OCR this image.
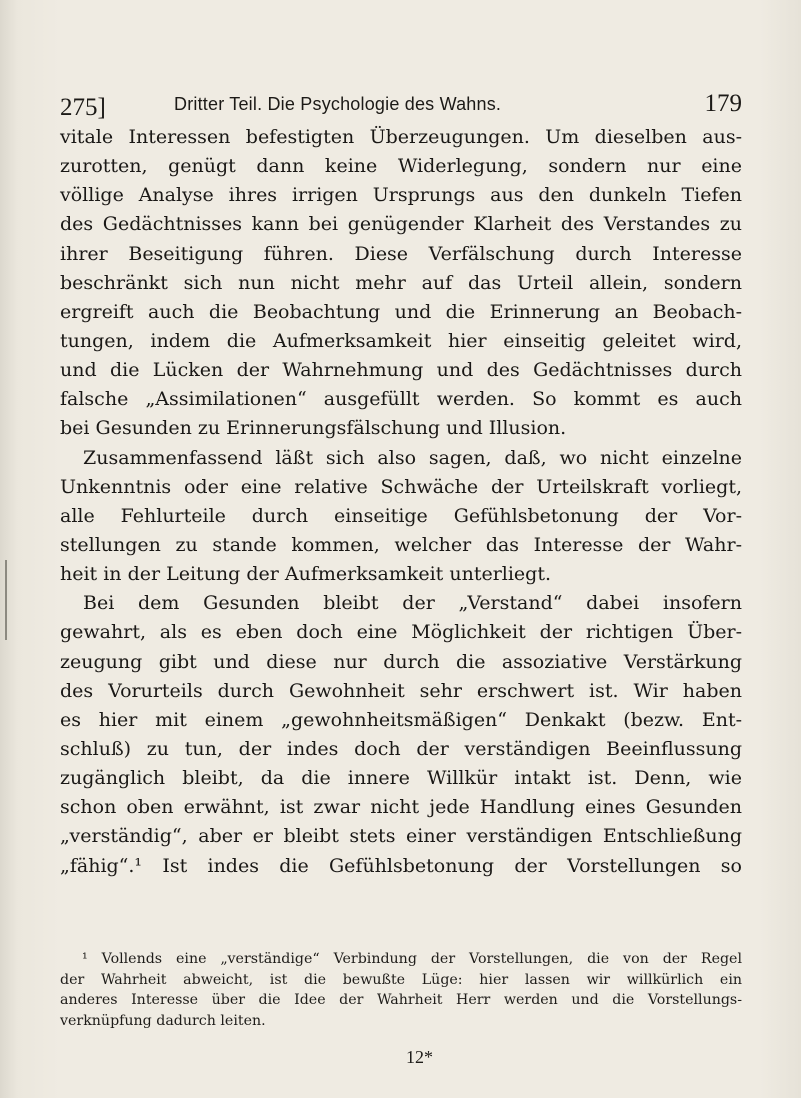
275]	Dritter Teil. Die Psychologie des Wahns.	179
vitale Interessen befestigten Überzeugungen. Um dieselben aus-
zurotten, genügt dann keine Widerlegung, sondern nur eine
völlige Analyse ihres irrigen Ursprungs aus den dunkeln Tiefen
des Gedächtnisses kann bei genügender Klarheit des Verstandes zu
ihrer Beseitigung führen. Diese Verfälschung durch Interesse
beschränkt sich nun nicht mehr auf das Urteil allein, sondern
ergreift auch die Beobachtung und die Erinnerung an Beobach-
tungen, indem die Aufmerksamkeit hier einseitig geleitet wird,
und die Lücken der Wahrnehmung und des Gedächtnisses durch
falsche „Assimilationen“ ausgefüllt werden. So kommt es auch
bei Gesunden zu Erinnerungsfälschung und Illusion.
Zusammenfassend läßt sich also sagen, daß, wo nicht einzelne
Unkenntnis oder eine relative Schwäche der Urteilskraft vorliegt,
alle Fehlurteile durch einseitige Gefühlsbetonung der Vor-
stellungen zu stande kommen, welcher das Interesse der Wahr-
heit in der Leitung der Aufmerksamkeit unterliegt.
Bei dem Gesunden bleibt der „Verstand“ dabei insofern
gewahrt, als es eben doch eine Möglichkeit der richtigen Über-
zeugung gibt und diese nur durch die assoziative Verstärkung
des Vorurteils durch Gewohnheit sehr erschwert ist. Wir haben
es hier mit einem „gewohnheitsmäßigen“ Denkakt (bezw. Ent-
schluß) zu tun, der indes doch der verständigen Beeinflussung
zugänglich bleibt, da die innere Willkür intakt ist. Denn, wie
schon oben erwähnt, ist zwar nicht jede Handlung eines Gesunden
„verständig“, aber er bleibt stets einer verständigen Entschließung
„fähig“.¹ Ist indes die Gefühlsbetonung der Vorstellungen so
¹ Vollends eine „verständige“ Verbindung der Vorstellungen, die von der Regel
der Wahrheit abweicht, ist die bewußte Lüge: hier lassen wir willkürlich ein
anderes Interesse über die Idee der Wahrheit Herr werden und die Vorstellungs-
verknüpfung dadurch leiten.
12*
